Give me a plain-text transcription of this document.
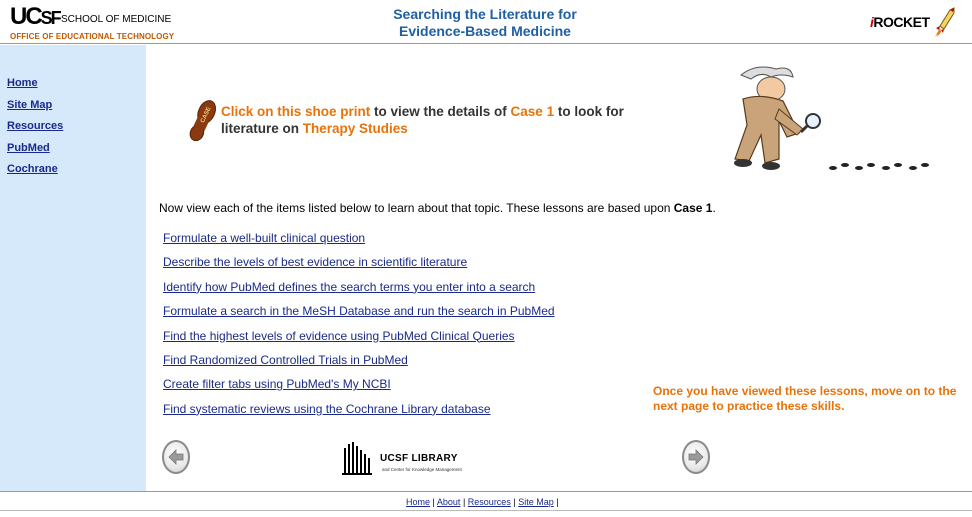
UCSF SCHOOL OF MEDICINE
OFFICE OF EDUCATIONAL TECHNOLOGY
Searching the Literature for
Evidence-Based Medicine
iROCKET
Home
Site Map
Resources
PubMed
Cochrane
CASE Click on this shoe print to view the details of Case 1 to look for literature on Therapy Studies
Now view each of the items listed below to learn about that topic. These lessons are based upon Case 1.
Formulate a well-built clinical question
Describe the levels of best evidence in scientific literature
Identify how PubMed defines the search terms you enter into a search
Formulate a search in the MeSH Database and run the search in PubMed
Find the highest levels of evidence using PubMed Clinical Queries
Find Randomized Controlled Trials in PubMed
Create filter tabs using PubMed's My NCBI
Find systematic reviews using the Cochrane Library database
Once you have viewed these lessons, move on to the next page to practice these skills.
UCSF LIBRARY
and Center for Knowledge Management
Home | About | Resources | Site Map |
